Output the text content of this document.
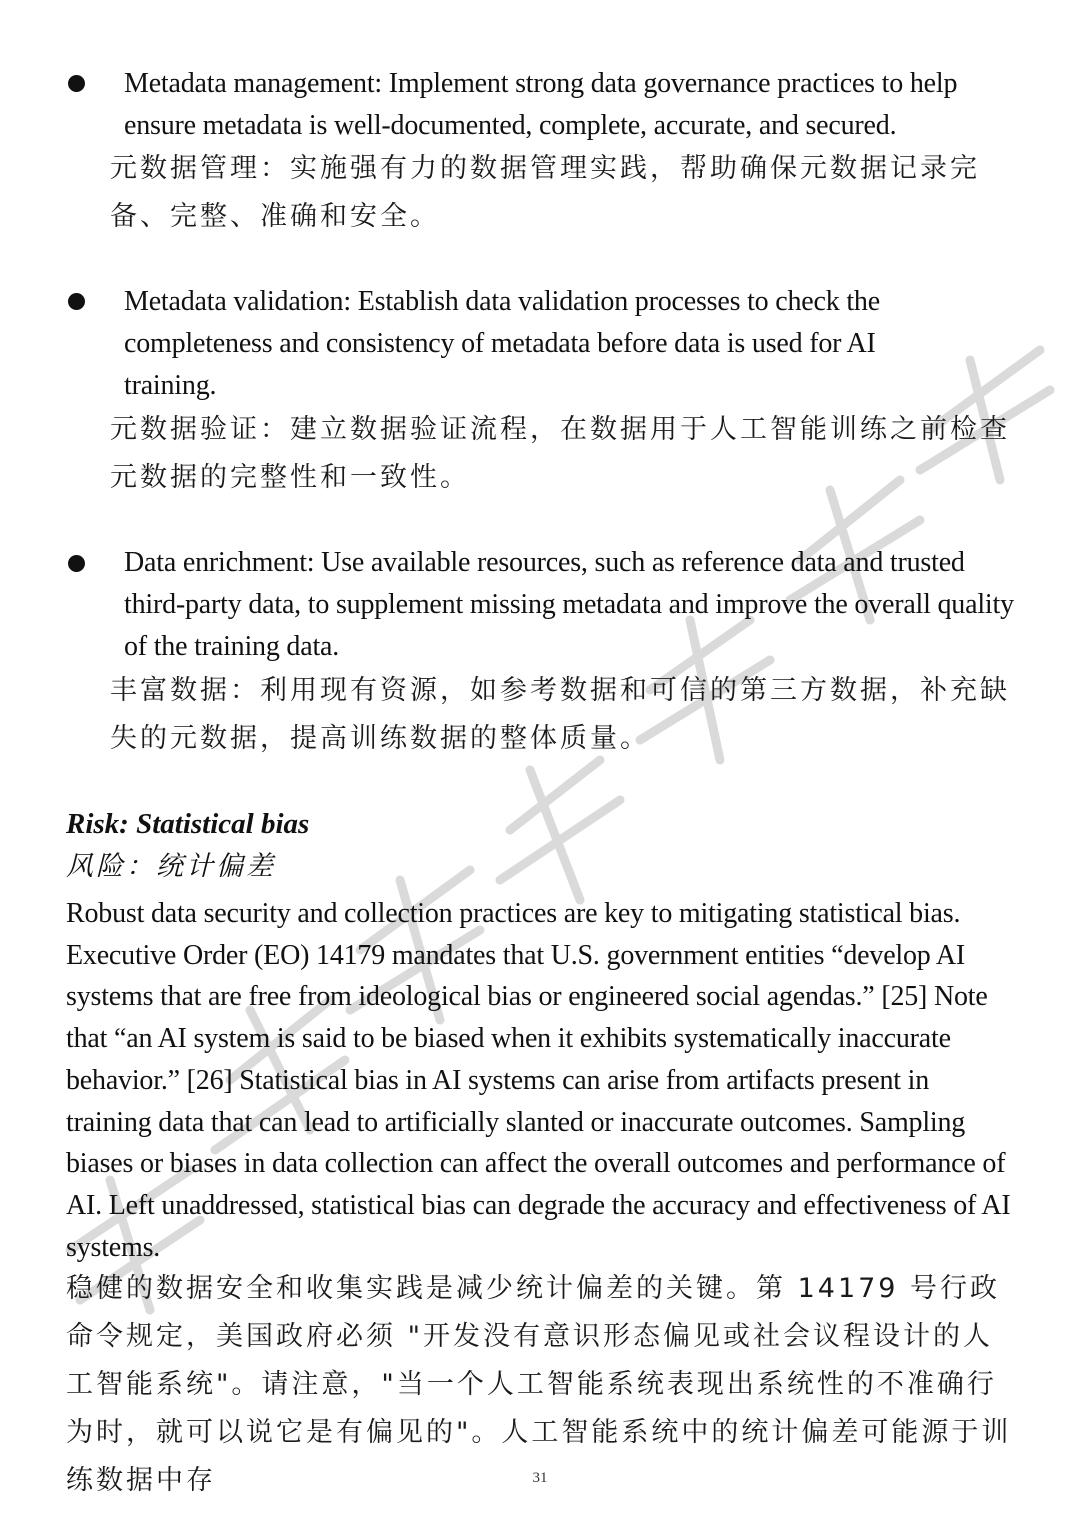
Metadata management: Implement strong data governance practices to help ensure metadata is well-documented, complete, accurate, and secured.
元数据管理：实施强有力的数据管理实践，帮助确保元数据记录完备、完整、准确和安全。
Metadata validation: Establish data validation processes to check the completeness and consistency of metadata before data is used for AI training.
元数据验证：建立数据验证流程，在数据用于人工智能训练之前检查元数据的完整性和一致性。
Data enrichment: Use available resources, such as reference data and trusted third-party data, to supplement missing metadata and improve the overall quality of the training data.
丰富数据：利用现有资源，如参考数据和可信的第三方数据，补充缺失的元数据，提高训练数据的整体质量。
Risk: Statistical bias
风险：统计偏差
Robust data security and collection practices are key to mitigating statistical bias. Executive Order (EO) 14179 mandates that U.S. government entities “develop AI systems that are free from ideological bias or engineered social agendas.” [25] Note that “an AI system is said to be biased when it exhibits systematically inaccurate behavior.” [26] Statistical bias in AI systems can arise from artifacts present in training data that can lead to artificially slanted or inaccurate outcomes. Sampling biases or biases in data collection can affect the overall outcomes and performance of AI. Left unaddressed, statistical bias can degrade the accuracy and effectiveness of AI systems.
稳健的数据安全和收集实践是减少统计偏差的关键。第 14179 号行政命令规定，美国政府必须 "开发没有意识形态偏见或社会议程设计的人工智能系统"。请注意，"当一个人工智能系统表现出系统性的不准确行为时，就可以说它是有偏见的"。人工智能系统中的统计偏差可能源于训练数据中存	31
